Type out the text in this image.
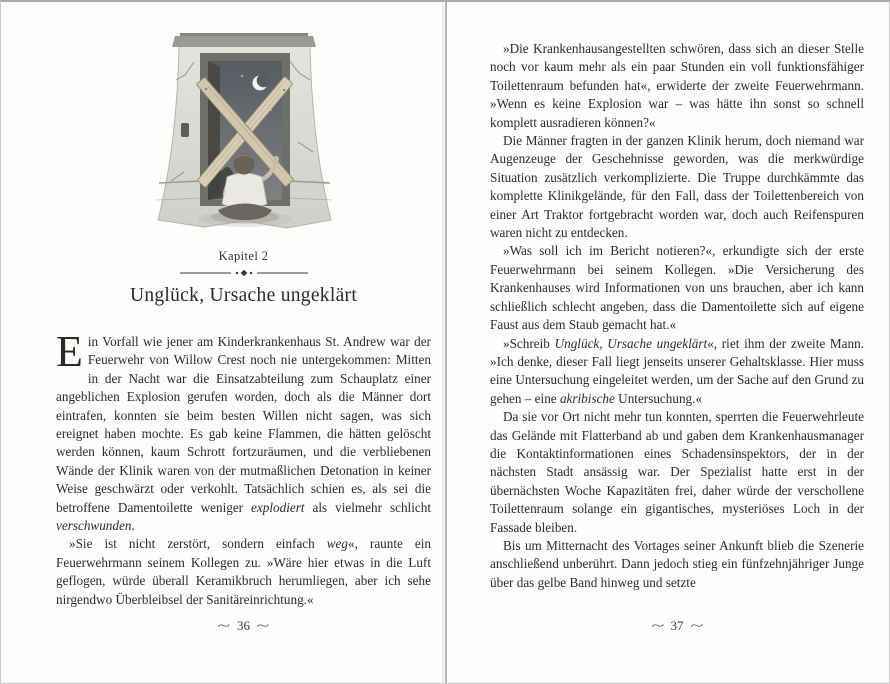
Kapitel 2
Unglück, Ursache ungeklärt

Ein Vorfall wie jener am Kinderkrankenhaus St. Andrew war der Feuerwehr von Willow Crest noch nie untergekommen: Mitten in der Nacht war die Einsatzabteilung zum Schauplatz einer angeblichen Explosion gerufen worden, doch als die Männer dort eintrafen, konnten sie beim besten Willen nicht sagen, was sich ereignet haben mochte. Es gab keine Flammen, die hätten gelöscht werden können, kaum Schrott fortzuräumen, und die verbliebenen Wände der Klinik waren von der mutmaßlichen Detonation in keiner Weise geschwärzt oder verkohlt. Tatsächlich schien es, als sei die betroffene Damentoilette weniger explodiert als vielmehr schlicht verschwunden.

»Sie ist nicht zerstört, sondern einfach weg«, raunte ein Feuerwehrmann seinem Kollegen zu. »Wäre hier etwas in die Luft geflogen, würde überall Keramikbruch herumliegen, aber ich sehe nirgendwo Überbleibsel der Sanitäreinrichtung.«

~ 36 ~

»Die Krankenhausangestellten schwören, dass sich an dieser Stelle noch vor kaum mehr als ein paar Stunden ein voll funktionsfähiger Toilettenraum befunden hat«, erwiderte der zweite Feuerwehrmann. »Wenn es keine Explosion war – was hätte ihn sonst so schnell komplett ausradieren können?«

Die Männer fragten in der ganzen Klinik herum, doch niemand war Augenzeuge der Geschehnisse geworden, was die merkwürdige Situation zusätzlich verkomplizierte. Die Truppe durchkämmte das komplette Klinikgelände, für den Fall, dass der Toilettenbereich von einer Art Traktor fortgebracht worden war, doch auch Reifenspuren waren nicht zu entdecken.

»Was soll ich im Bericht notieren?«, erkundigte sich der erste Feuerwehrmann bei seinem Kollegen. »Die Versicherung des Krankenhauses wird Informationen von uns brauchen, aber ich kann schließlich schlecht angeben, dass die Damentoilette sich auf eigene Faust aus dem Staub gemacht hat.«

»Schreib Unglück, Ursache ungeklärt«, riet ihm der zweite Mann. »Ich denke, dieser Fall liegt jenseits unserer Gehaltsklasse. Hier muss eine Untersuchung eingeleitet werden, um der Sache auf den Grund zu gehen – eine akribische Untersuchung.«

Da sie vor Ort nicht mehr tun konnten, sperrten die Feuerwehrleute das Gelände mit Flatterband ab und gaben dem Krankenhausmanager die Kontaktinformationen eines Schadensinspektors, der in der nächsten Stadt ansässig war. Der Spezialist hatte erst in der übernächsten Woche Kapazitäten frei, daher würde der verschollene Toilettenraum solange ein gigantisches, mysteriöses Loch in der Fassade bleiben.

Bis um Mitternacht des Vortages seiner Ankunft blieb die Szenerie anschließend unberührt. Dann jedoch stieg ein fünfzehnjähriger Junge über das gelbe Band hinweg und setzte

~ 37 ~
